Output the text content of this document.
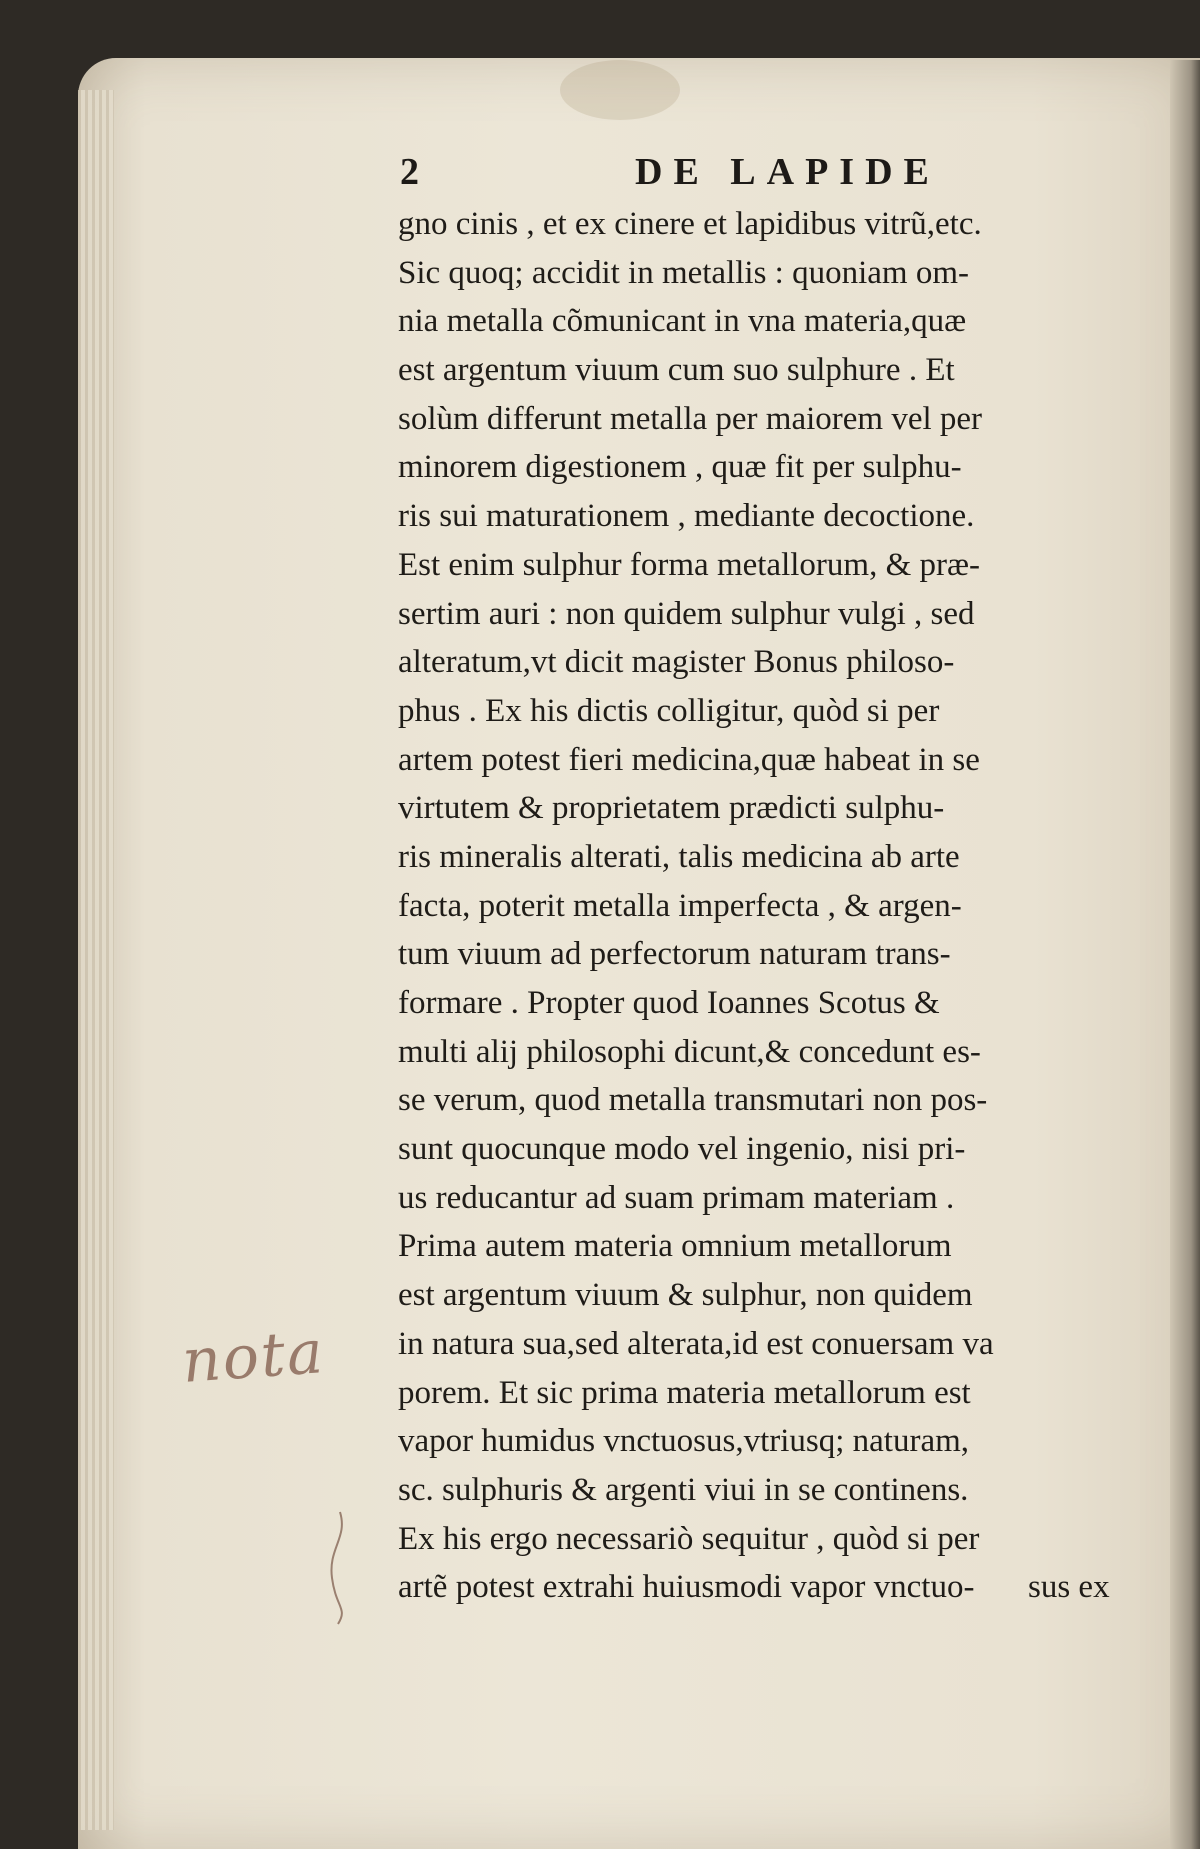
2	DE LAPIDE
gno cinis , et ex cinere et lapidibus vitrũ,etc.
Sic quoq; accidit in metallis : quoniam om-
nia metalla cõmunicant in vna materia,quæ
est argentum viuum cum suo sulphure . Et
solùm differunt metalla per maiorem vel per
minorem digestionem , quæ fit per sulphu-
ris sui maturationem , mediante decoctione.
Est enim sulphur forma metallorum, & præ-
sertim auri : non quidem sulphur vulgi , sed
alteratum,vt dicit magister Bonus philoso-
phus . Ex his dictis colligitur, quòd si per
artem potest fieri medicina,quæ habeat in se
virtutem & proprietatem prædicti sulphu-
ris mineralis alterati, talis medicina ab arte
facta, poterit metalla imperfecta , & argen-
tum viuum ad perfectorum naturam trans-
formare . Propter quod Ioannes Scotus &
multi alij philosophi dicunt,& concedunt es-
se verum, quod metalla transmutari non pos-
sunt quocunque modo vel ingenio, nisi pri-
us reducantur ad suam primam materiam .
Prima autem materia omnium metallorum
est argentum viuum & sulphur, non quidem
in natura sua,sed alterata,id est conuersam va
porem. Et sic prima materia metallorum est
vapor humidus vnctuosus,vtriusq; naturam,
sc. sulphuris & argenti viui in se continens.
Ex his ergo necessariò sequitur , quòd si per
artẽ potest extrahi huiusmodi vapor vnctuo-	sus ex
nota
